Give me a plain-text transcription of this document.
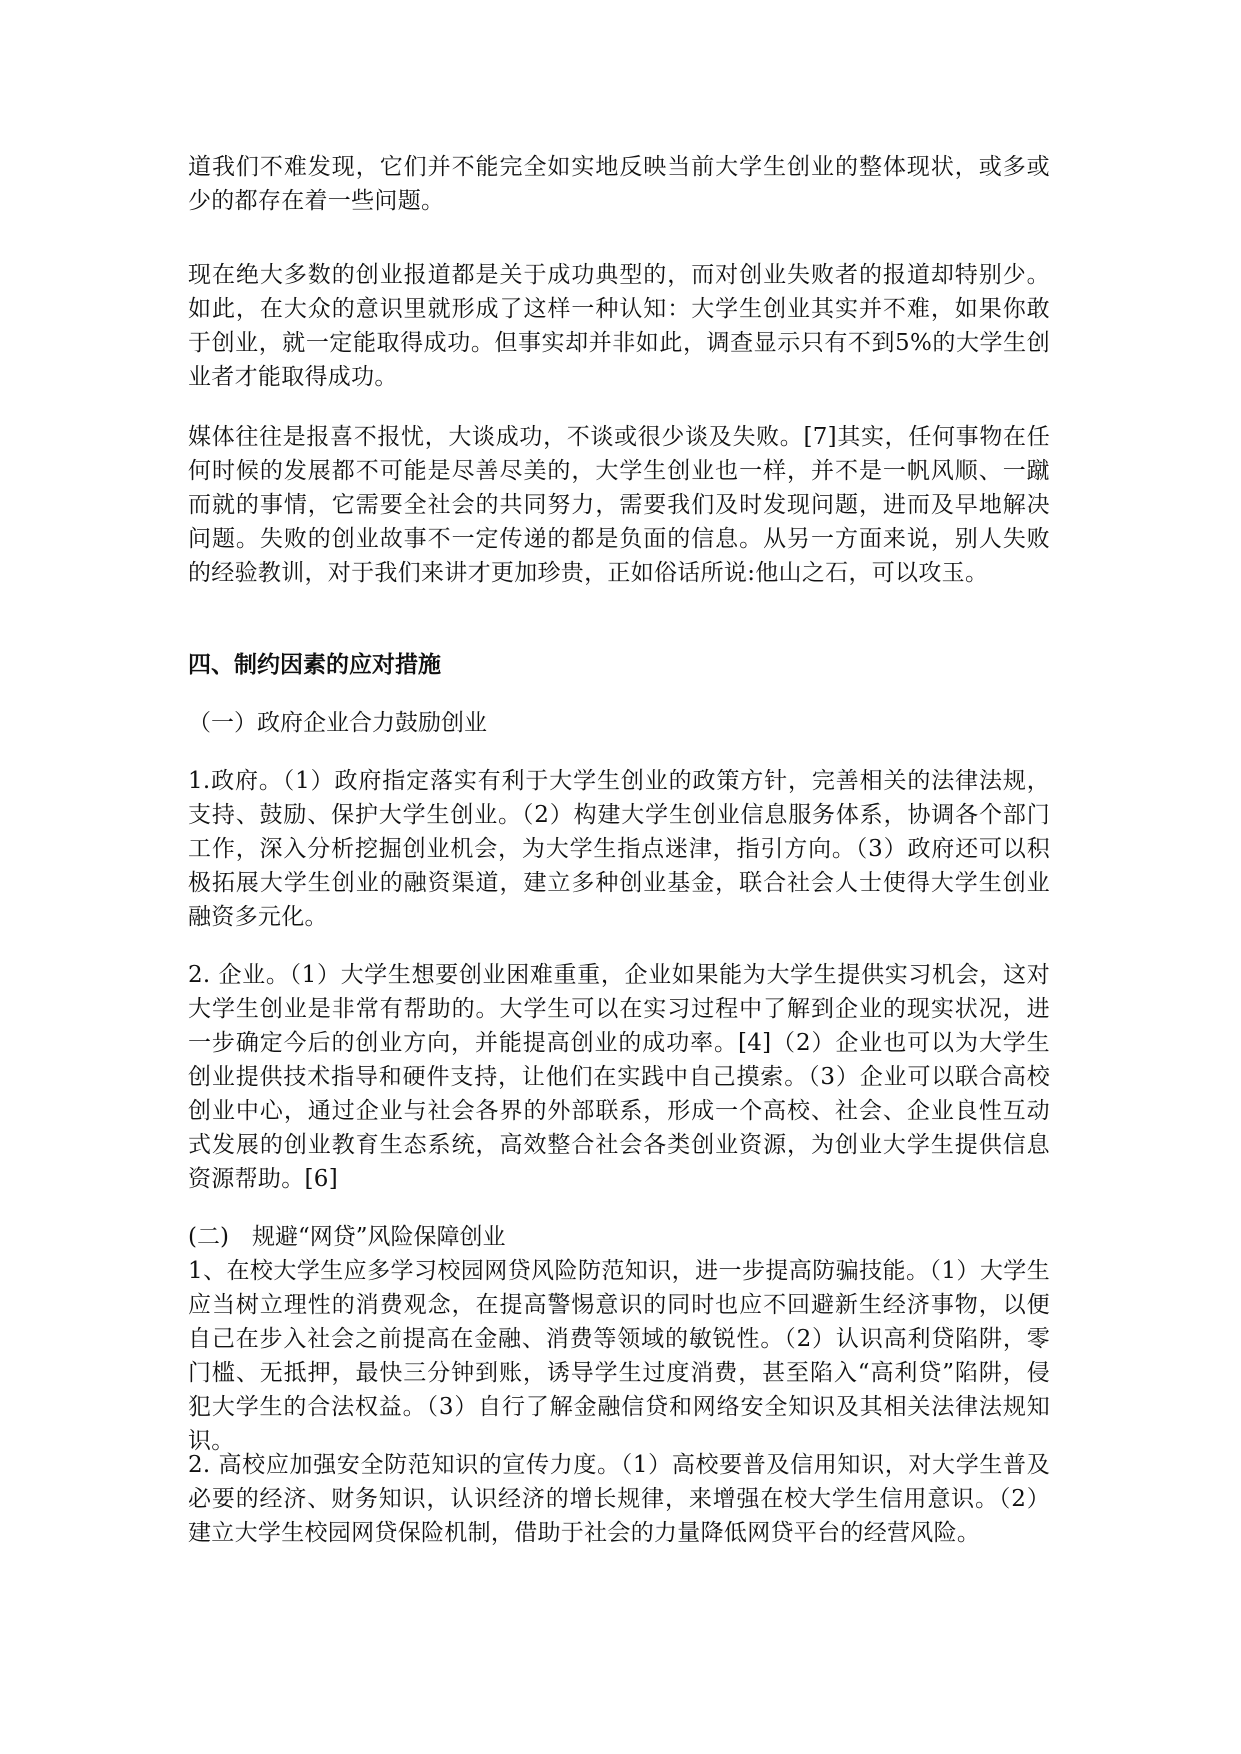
道我们不难发现，它们并不能完全如实地反映当前大学生创业的整体现状，或多或少的都存在着一些问题。

现在绝大多数的创业报道都是关于成功典型的，而对创业失败者的报道却特别少。如此，在大众的意识里就形成了这样一种认知：大学生创业其实并不难，如果你敢于创业，就一定能取得成功。但事实却并非如此，调查显示只有不到5%的大学生创业者才能取得成功。

媒体往往是报喜不报忧，大谈成功，不谈或很少谈及失败。[7]其实，任何事物在任何时候的发展都不可能是尽善尽美的，大学生创业也一样，并不是一帆风顺、一蹴而就的事情，它需要全社会的共同努力，需要我们及时发现问题，进而及早地解决问题。失败的创业故事不一定传递的都是负面的信息。从另一方面来说，别人失败的经验教训，对于我们来讲才更加珍贵，正如俗话所说:他山之石，可以攻玉。

四、制约因素的应对措施

（一）政府企业合力鼓励创业

1.政府。（1）政府指定落实有利于大学生创业的政策方针，完善相关的法律法规，支持、鼓励、保护大学生创业。（2）构建大学生创业信息服务体系，协调各个部门工作，深入分析挖掘创业机会，为大学生指点迷津，指引方向。（3）政府还可以积极拓展大学生创业的融资渠道，建立多种创业基金，联合社会人士使得大学生创业融资多元化。

2. 企业。（1）大学生想要创业困难重重，企业如果能为大学生提供实习机会，这对大学生创业是非常有帮助的。大学生可以在实习过程中了解到企业的现实状况，进一步确定今后的创业方向，并能提高创业的成功率。[4]（2）企业也可以为大学生创业提供技术指导和硬件支持，让他们在实践中自己摸索。（3）企业可以联合高校创业中心，通过企业与社会各界的外部联系，形成一个高校、社会、企业良性互动式发展的创业教育生态系统，高效整合社会各类创业资源，为创业大学生提供信息资源帮助。[6]

(二)　规避“网贷”风险保障创业

1、在校大学生应多学习校园网贷风险防范知识，进一步提高防骗技能。（1）大学生应当树立理性的消费观念，在提高警惕意识的同时也应不回避新生经济事物，以便自己在步入社会之前提高在金融、消费等领域的敏锐性。（2）认识高利贷陷阱，零门槛、无抵押，最快三分钟到账，诱导学生过度消费，甚至陷入“高利贷”陷阱，侵犯大学生的合法权益。（3）自行了解金融信贷和网络安全知识及其相关法律法规知识。

2. 高校应加强安全防范知识的宣传力度。（1）高校要普及信用知识，对大学生普及必要的经济、财务知识，认识经济的增长规律，来增强在校大学生信用意识。（2）建立大学生校园网贷保险机制，借助于社会的力量降低网贷平台的经营风险。
